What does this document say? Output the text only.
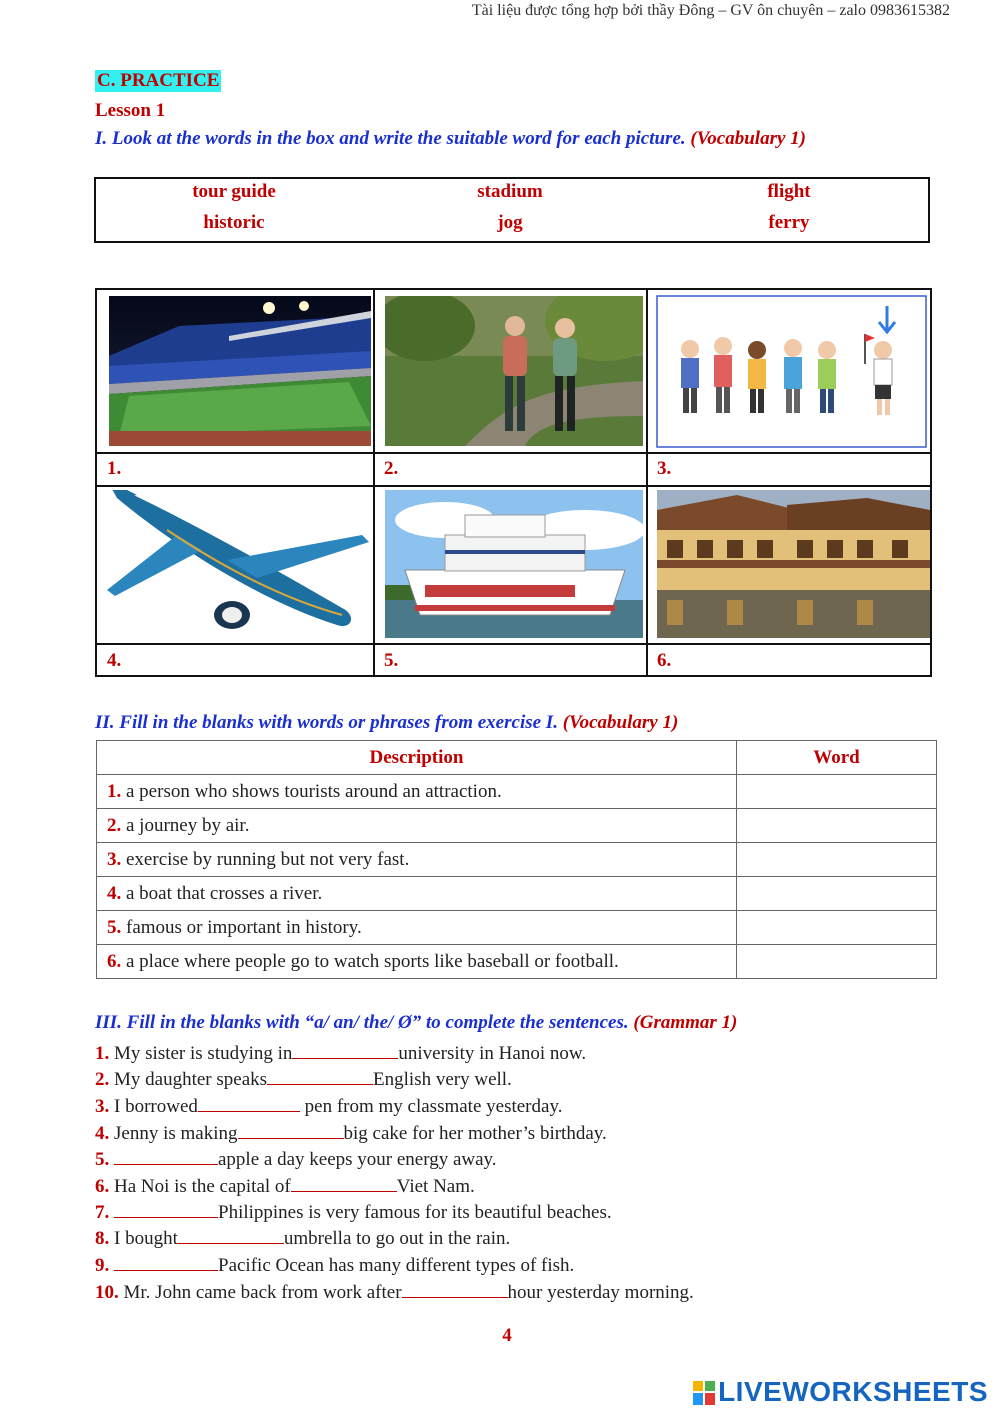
Tài liệu được tổng hợp bởi thầy Đông – GV ôn chuyên – zalo 0983615382
C. PRACTICE
Lesson 1
I. Look at the words in the box and write the suitable word for each picture. (Vocabulary 1)
tour guide	stadium	flight
historic	jog	ferry
1.	2.	3.
4.	5.	6.
II. Fill in the blanks with words or phrases from exercise I. (Vocabulary 1)
Description	Word
1. a person who shows tourists around an attraction.	
2. a journey by air.	
3. exercise by running but not very fast.	
4. a boat that crosses a river.	
5. famous or important in history.	
6. a place where people go to watch sports like baseball or football.	
III. Fill in the blanks with “a/ an/ the/ Ø” to complete the sentences. (Grammar 1)
1. My sister is studying in	university in Hanoi now.
2. My daughter speaks	English very well.
3. I borrowed	pen from my classmate yesterday.
4. Jenny is making	big cake for her mother’s birthday.
5.	apple a day keeps your energy away.
6. Ha Noi is the capital of	Viet Nam.
7.	Philippines is very famous for its beautiful beaches.
8. I bought	umbrella to go out in the rain.
9.	Pacific Ocean has many different types of fish.
10. Mr. John came back from work after	hour yesterday morning.
4
LIVEWORKSHEETS
